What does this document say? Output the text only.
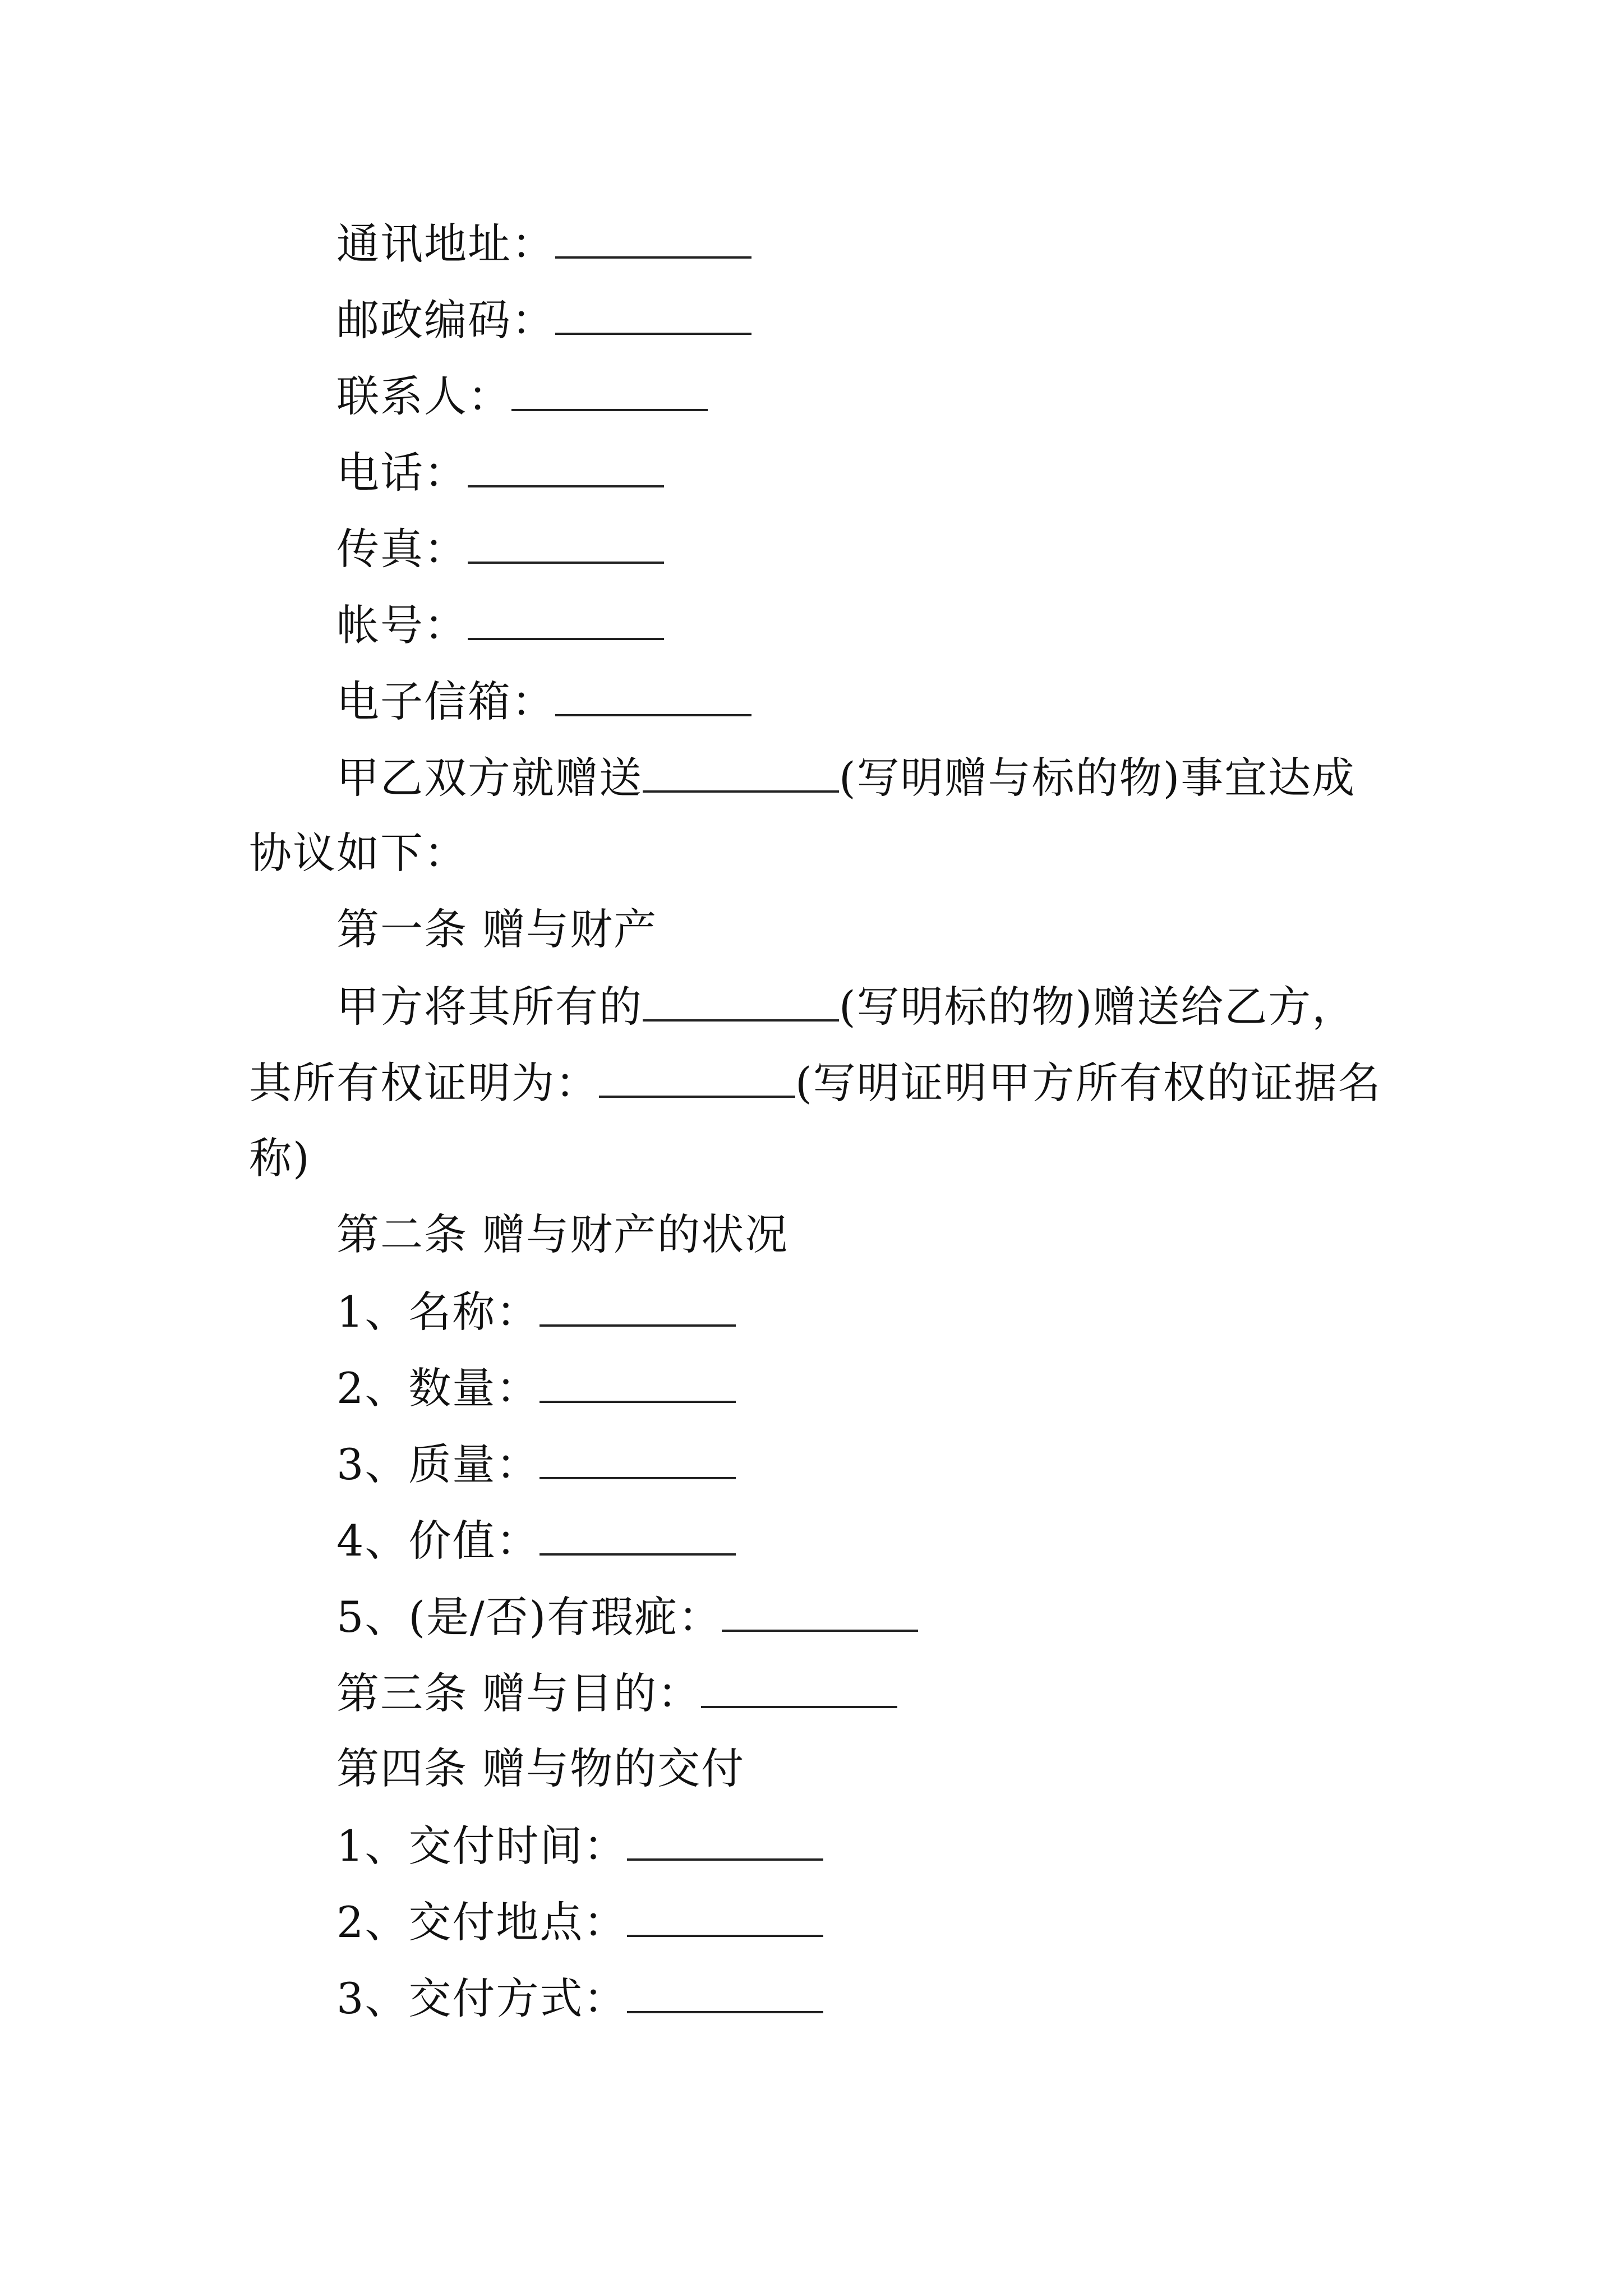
通讯地址：
邮政编码：
联系人：
电话：
传真：
帐号：
电子信箱：
甲乙双方就赠送	(写明赠与标的物)事宜达成
协议如下：
第一条 赠与财产
甲方将其所有的	(写明标的物)赠送给乙方，
其所有权证明为：	(写明证明甲方所有权的证据名
称)
第二条 赠与财产的状况
1、名称：
2、数量：
3、质量：
4、价值：
5、(是/否)有瑕疵：
第三条 赠与目的：
第四条 赠与物的交付
1、交付时间：
2、交付地点：
3、交付方式：
